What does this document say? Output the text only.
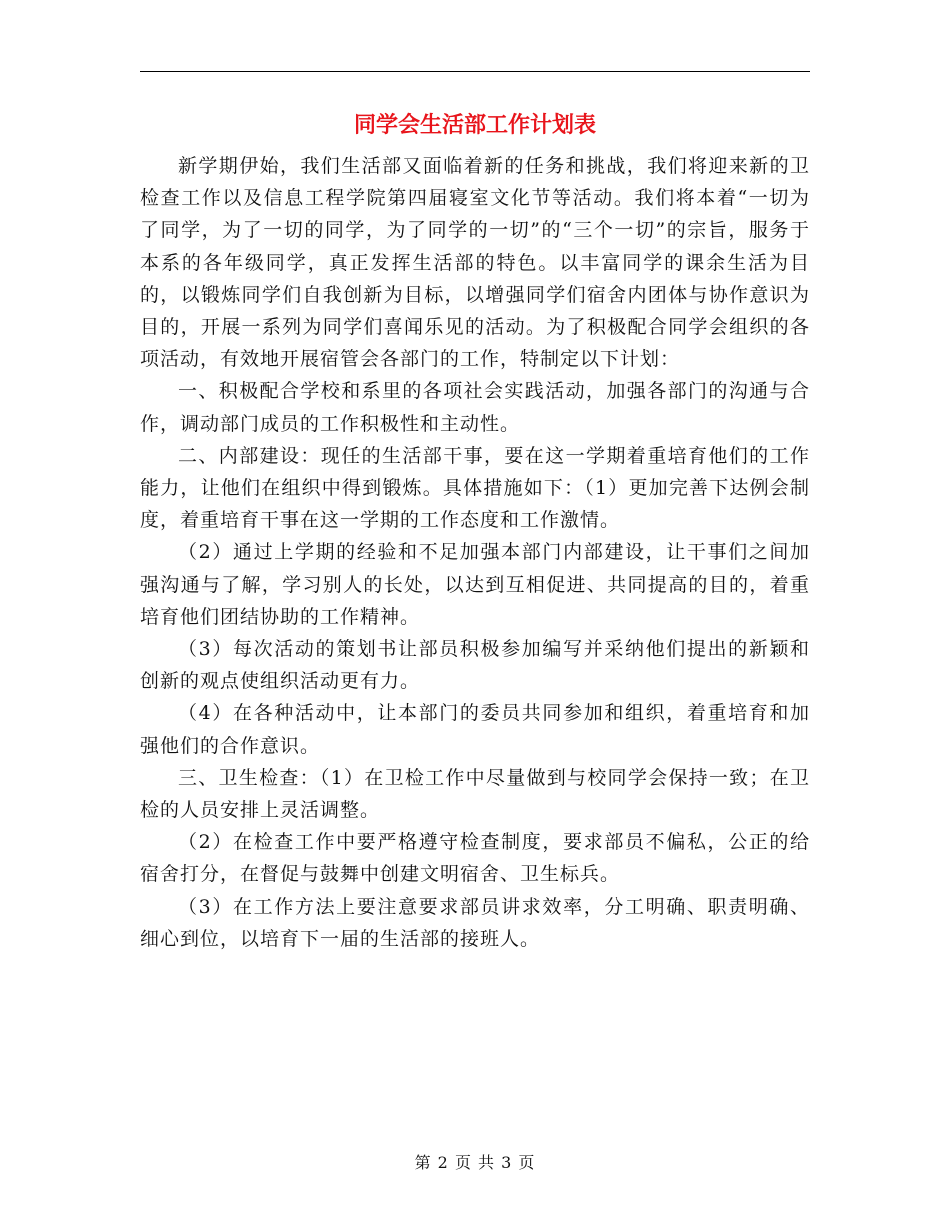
同学会生活部工作计划表

新学期伊始，我们生活部又面临着新的任务和挑战，我们将迎来新的卫检查工作以及信息工程学院第四届寝室文化节等活动。我们将本着“一切为了同学，为了一切的同学，为了同学的一切”的“三个一切”的宗旨，服务于本系的各年级同学，真正发挥生活部的特色。以丰富同学的课余生活为目的，以锻炼同学们自我创新为目标，以增强同学们宿舍内团体与协作意识为目的，开展一系列为同学们喜闻乐见的活动。为了积极配合同学会组织的各项活动，有效地开展宿管会各部门的工作，特制定以下计划：

一、积极配合学校和系里的各项社会实践活动，加强各部门的沟通与合作，调动部门成员的工作积极性和主动性。

二、内部建设：现任的生活部干事，要在这一学期着重培育他们的工作能力，让他们在组织中得到锻炼。具体措施如下：（1）更加完善下达例会制度，着重培育干事在这一学期的工作态度和工作激情。

（2）通过上学期的经验和不足加强本部门内部建设，让干事们之间加强沟通与了解，学习别人的长处，以达到互相促进、共同提高的目的，着重培育他们团结协助的工作精神。

（3）每次活动的策划书让部员积极参加编写并采纳他们提出的新颖和创新的观点使组织活动更有力。

（4）在各种活动中，让本部门的委员共同参加和组织，着重培育和加强他们的合作意识。

三、卫生检查：（1）在卫检工作中尽量做到与校同学会保持一致；在卫检的人员安排上灵活调整。

（2）在检查工作中要严格遵守检查制度，要求部员不偏私，公正的给宿舍打分，在督促与鼓舞中创建文明宿舍、卫生标兵。

（3）在工作方法上要注意要求部员讲求效率，分工明确、职责明确、细心到位，以培育下一届的生活部的接班人。

第 2 页 共 3 页
